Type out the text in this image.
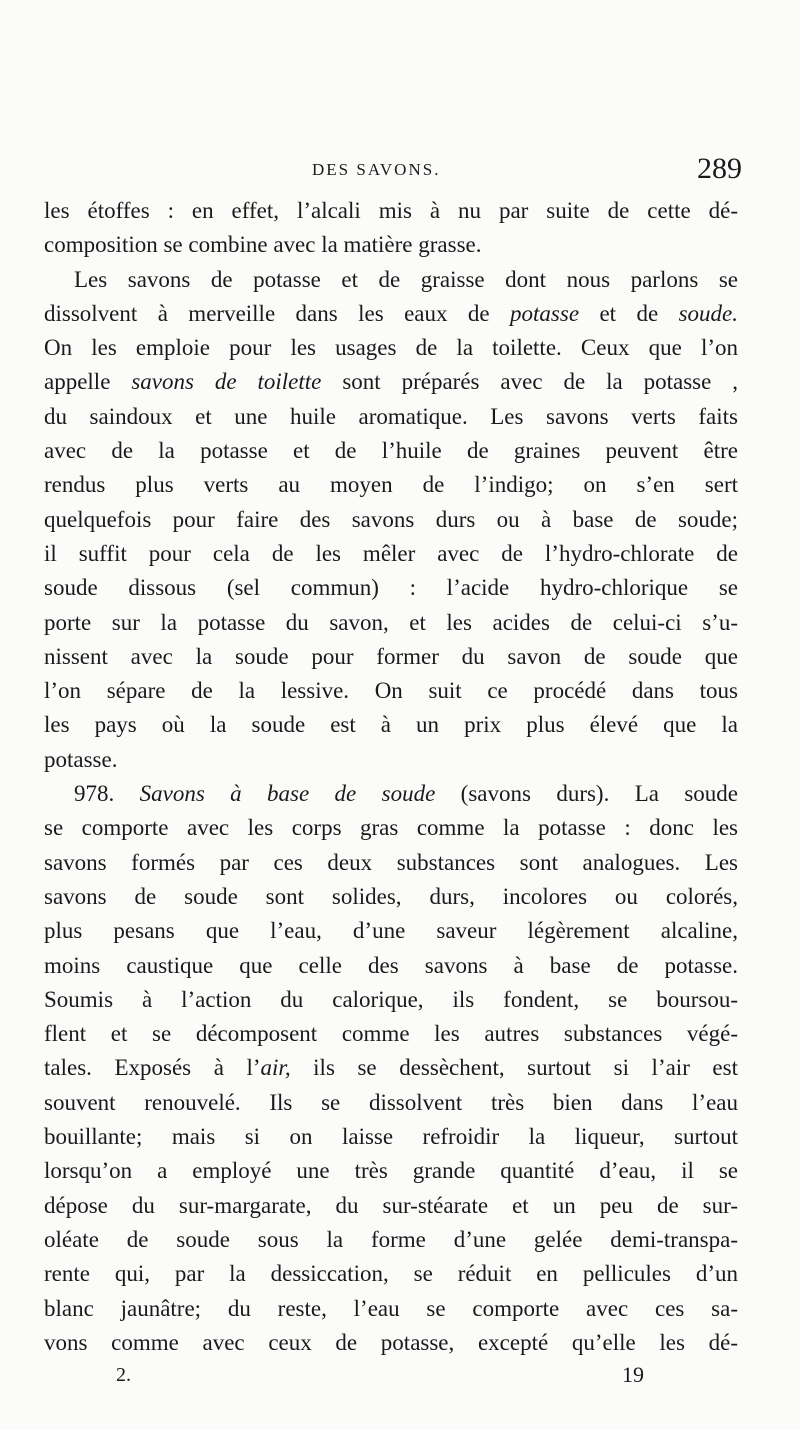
DES SAVONS.	289
les étoffes : en effet, l’alcali mis à nu par suite de cette dé-
composition se combine avec la matière grasse.
Les savons de potasse et de graisse dont nous parlons se
dissolvent à merveille dans les eaux de potasse et de soude.
On les emploie pour les usages de la toilette. Ceux que l’on
appelle savons de toilette sont préparés avec de la potasse ,
du saindoux et une huile aromatique. Les savons verts faits
avec de la potasse et de l’huile de graines peuvent être
rendus plus verts au moyen de l’indigo; on s’en sert
quelquefois pour faire des savons durs ou à base de soude;
il suffit pour cela de les mêler avec de l’hydro-chlorate de
soude dissous (sel commun) : l’acide hydro-chlorique se
porte sur la potasse du savon, et les acides de celui-ci s’u-
nissent avec la soude pour former du savon de soude que
l’on sépare de la lessive. On suit ce procédé dans tous
les pays où la soude est à un prix plus élevé que la
potasse.
978. Savons à base de soude (savons durs). La soude
se comporte avec les corps gras comme la potasse : donc les
savons formés par ces deux substances sont analogues. Les
savons de soude sont solides, durs, incolores ou colorés,
plus pesans que l’eau, d’une saveur légèrement alcaline,
moins caustique que celle des savons à base de potasse.
Soumis à l’action du calorique, ils fondent, se boursou-
flent et se décomposent comme les autres substances végé-
tales. Exposés à l’air, ils se dessèchent, surtout si l’air est
souvent renouvelé. Ils se dissolvent très bien dans l’eau
bouillante; mais si on laisse refroidir la liqueur, surtout
lorsqu’on a employé une très grande quantité d’eau, il se
dépose du sur-margarate, du sur-stéarate et un peu de sur-
oléate de soude sous la forme d’une gelée demi-transpa-
rente qui, par la dessiccation, se réduit en pellicules d’un
blanc jaunâtre; du reste, l’eau se comporte avec ces sa-
vons comme avec ceux de potasse, excepté qu’elle les dé-
2.	19
